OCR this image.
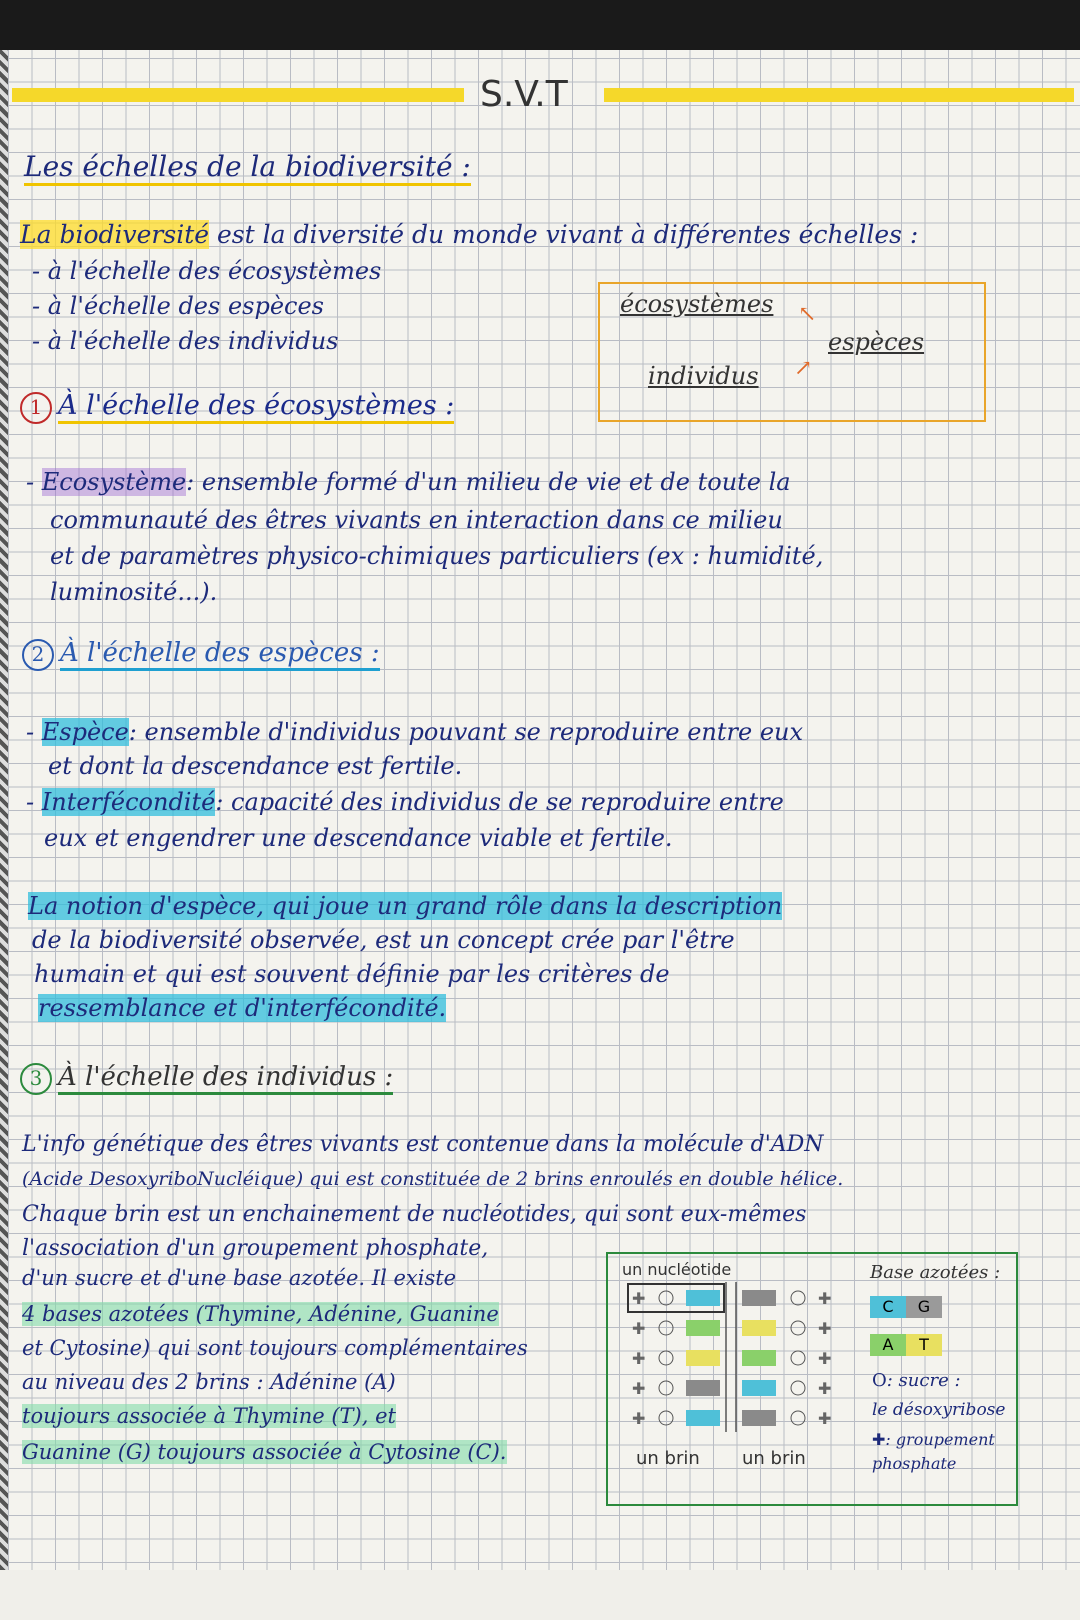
S.V.T
Les échelles de la biodiversité :
La biodiversité est la diversité du monde vivant à différentes échelles :
- à l'échelle des écosystèmes
- à l'échelle des espèces
- à l'échelle des individus
écosystèmes
espèces
individus
↖
↗
1 À l'échelle des écosystèmes :
- Ecosystème: ensemble formé d'un milieu de vie et de toute la
communauté des êtres vivants en interaction dans ce milieu
et de paramètres physico-chimiques particuliers (ex : humidité,
luminosité...).
2 À l'échelle des espèces :
- Espèce: ensemble d'individus pouvant se reproduire entre eux
et dont la descendance est fertile.
- Interfécondité: capacité des individus de se reproduire entre
eux et engendrer une descendance viable et fertile.
La notion d'espèce, qui joue un grand rôle dans la description
de la biodiversité observée, est un concept crée par l'être
humain et qui est souvent définie par les critères de
ressemblance et d'interfécondité.
3 À l'échelle des individus :
L'info génétique des êtres vivants est contenue dans la molécule d'ADN
(Acide DesoxyriboNucléique) qui est constituée de 2 brins enroulés en double hélice.
Chaque brin est un enchainement de nucléotides, qui sont eux-mêmes
l'association d'un groupement phosphate,
d'un sucre et d'une base azotée. Il existe
4 bases azotées (Thymine, Adénine, Guanine
et Cytosine) qui sont toujours complémentaires
au niveau des 2 brins : Adénine (A)
toujours associée à Thymine (T), et
Guanine (G) toujours associée à Cytosine (C).
un nucléotide
un brin un brin
✚
✚
✚
✚
✚
✚
✚
✚
✚
✚
Base azotées :
C G
A T
O: sucre :
le désoxyribose
✚: groupement
phosphate
